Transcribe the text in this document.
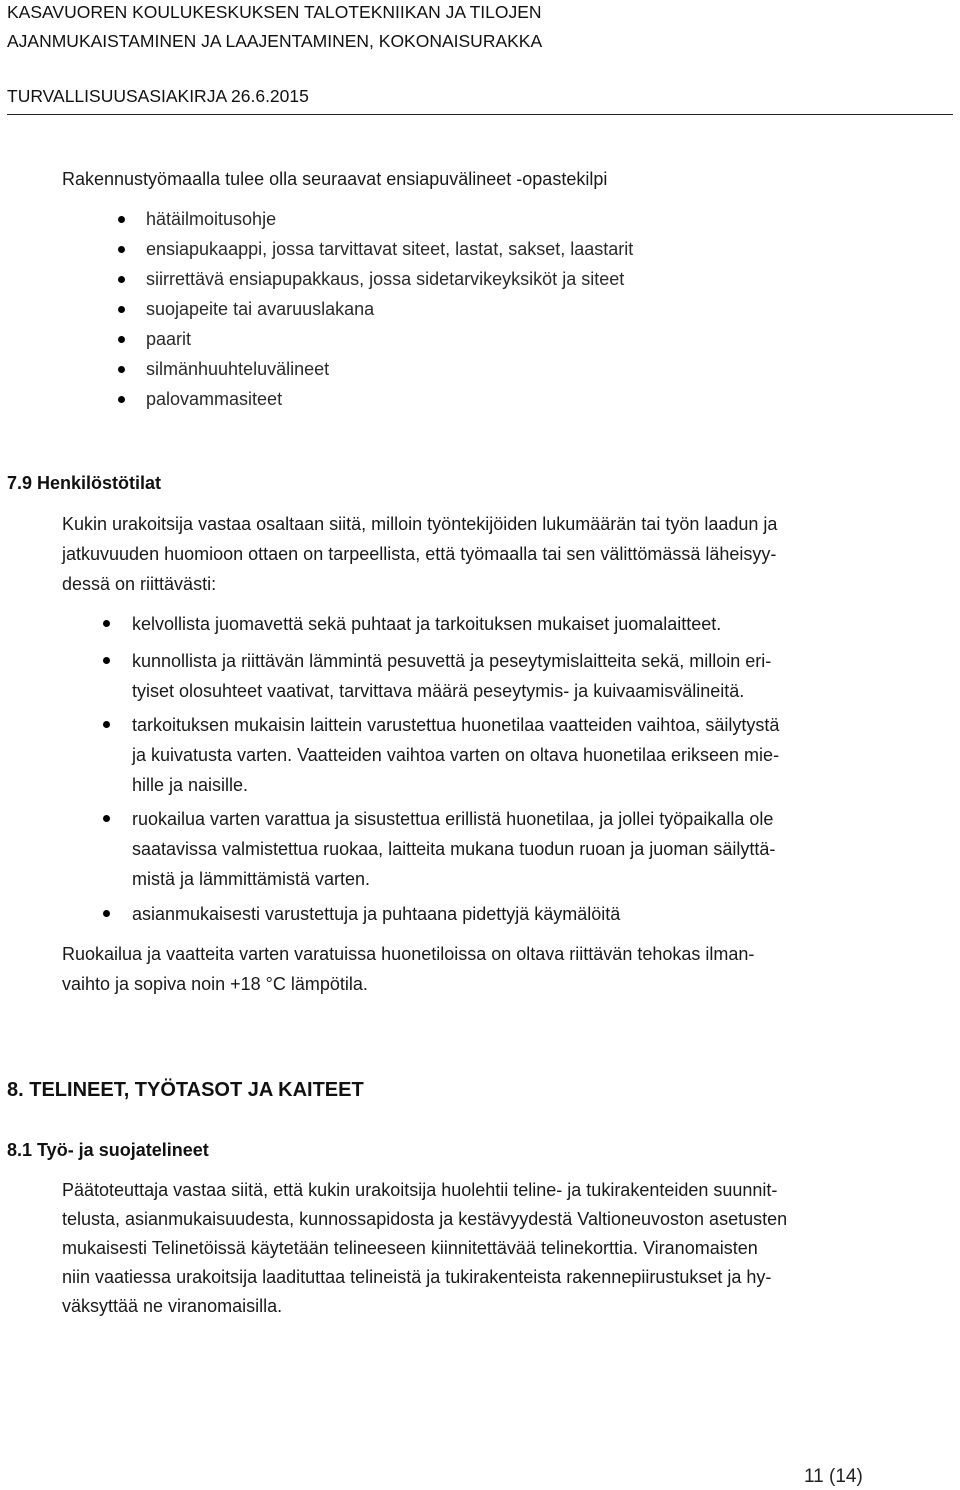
KASAVUOREN KOULUKESKUKSEN TALOTEKNIIKAN JA TILOJEN
AJANMUKAISTAMINEN JA LAAJENTAMINEN, KOKONAISURAKKA
TURVALLISUUSASIAKIRJA 26.6.2015
Rakennustyömaalla tulee olla seuraavat ensiapuvälineet -opastekilpi
hätäilmoitusohje
ensiapukaappi, jossa tarvittavat siteet, lastat, sakset, laastarit
siirrettävä ensiapupakkaus, jossa sidetarvikeyksiköt ja siteet
suojapeite tai avaruuslakana
paarit
silmänhuuhteluvälineet
palovammasiteet
7.9 Henkilöstötilat
Kukin urakoitsija vastaa osaltaan siitä, milloin työntekijöiden lukumäärän tai työn laadun ja
jatkuvuuden huomioon ottaen on tarpeellista, että työmaalla tai sen välittömässä läheisyy-
dessä on riittävästi:
kelvollista juomavettä sekä puhtaat ja tarkoituksen mukaiset juomalaitteet.
kunnollista ja riittävän lämmintä pesuvettä ja peseytymislaitteita sekä, milloin eri-
tyiset olosuhteet vaativat, tarvittava määrä peseytymis- ja kuivaamisvälineitä.
tarkoituksen mukaisin laittein varustettua huonetilaa vaatteiden vaihtoa, säilytystä
ja kuivatusta varten. Vaatteiden vaihtoa varten on oltava huonetilaa erikseen mie-
hille ja naisille.
ruokailua varten varattua ja sisustettua erillistä huonetilaa, ja jollei työpaikalla ole
saatavissa valmistettua ruokaa, laitteita mukana tuodun ruoan ja juoman säilyttä-
mistä ja lämmittämistä varten.
asianmukaisesti varustettuja ja puhtaana pidettyjä käymälöitä
Ruokailua ja vaatteita varten varatuissa huonetiloissa on oltava riittävän tehokas ilman-
vaihto ja sopiva noin +18 °C lämpötila.
8. TELINEET, TYÖTASOT JA KAITEET
8.1 Työ- ja suojatelineet
Päätoteuttaja vastaa siitä, että kukin urakoitsija huolehtii teline- ja tukirakenteiden suunnit-
telusta, asianmukaisuudesta, kunnossapidosta ja kestävyydestä Valtioneuvoston asetusten
mukaisesti Telinetöissä käytetään telineeseen kiinnitettävää telinekorttia. Viranomaisten
niin vaatiessa urakoitsija laadituttaa telineistä ja tukirakenteista rakennepiirustukset ja hy-
väksyttää ne viranomaisilla.
11 (14)
